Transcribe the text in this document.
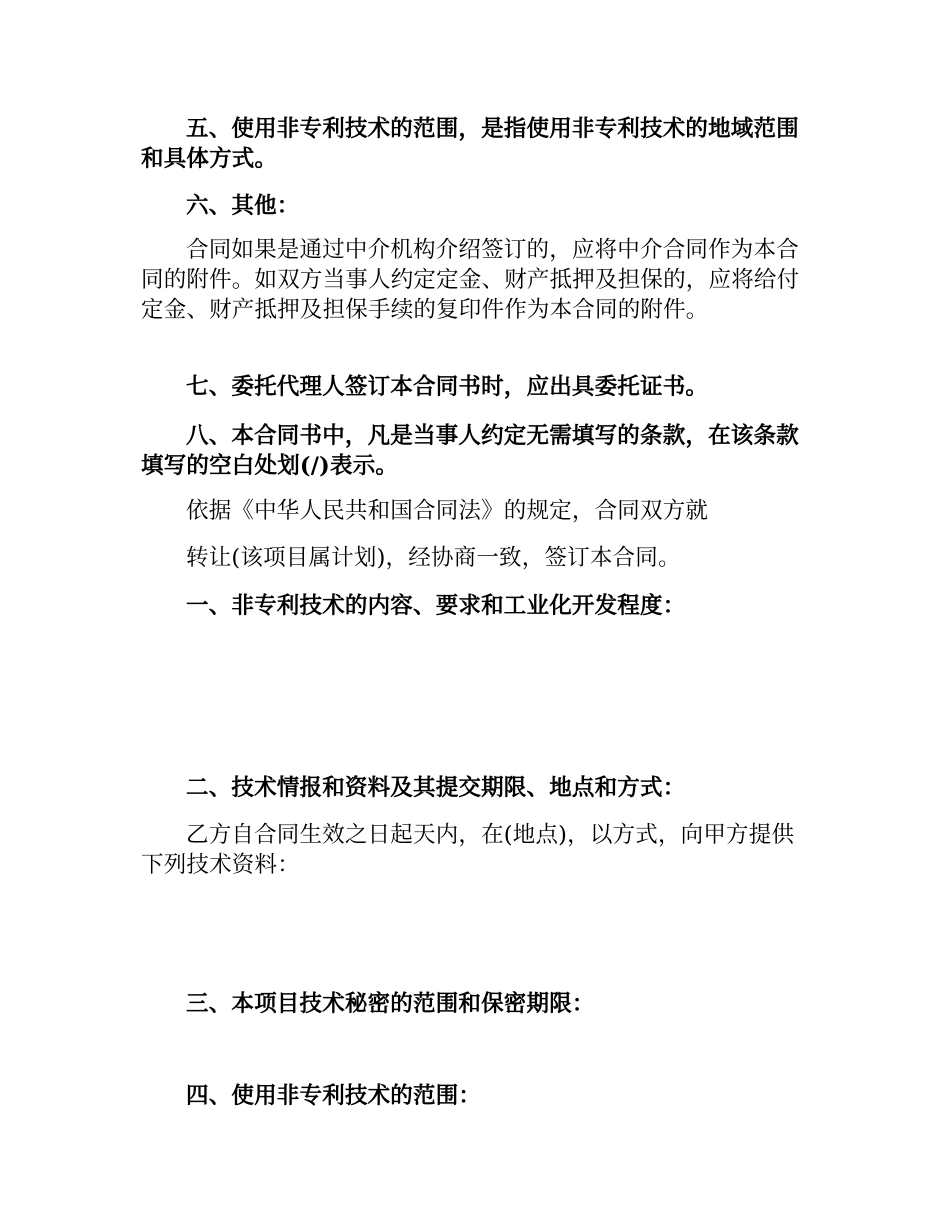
五、使用非专利技术的范围，是指使用非专利技术的地域范围和具体方式。

六、其他：

合同如果是通过中介机构介绍签订的，应将中介合同作为本合同的附件。如双方当事人约定定金、财产抵押及担保的，应将给付定金、财产抵押及担保手续的复印件作为本合同的附件。

七、委托代理人签订本合同书时，应出具委托证书。

八、本合同书中，凡是当事人约定无需填写的条款，在该条款填写的空白处划(/)表示。

依据《中华人民共和国合同法》的规定，合同双方就

转让(该项目属计划)，经协商一致，签订本合同。

一、非专利技术的内容、要求和工业化开发程度：

二、技术情报和资料及其提交期限、地点和方式：

乙方自合同生效之日起天内，在(地点)，以方式，向甲方提供下列技术资料：

三、本项目技术秘密的范围和保密期限：

四、使用非专利技术的范围：
